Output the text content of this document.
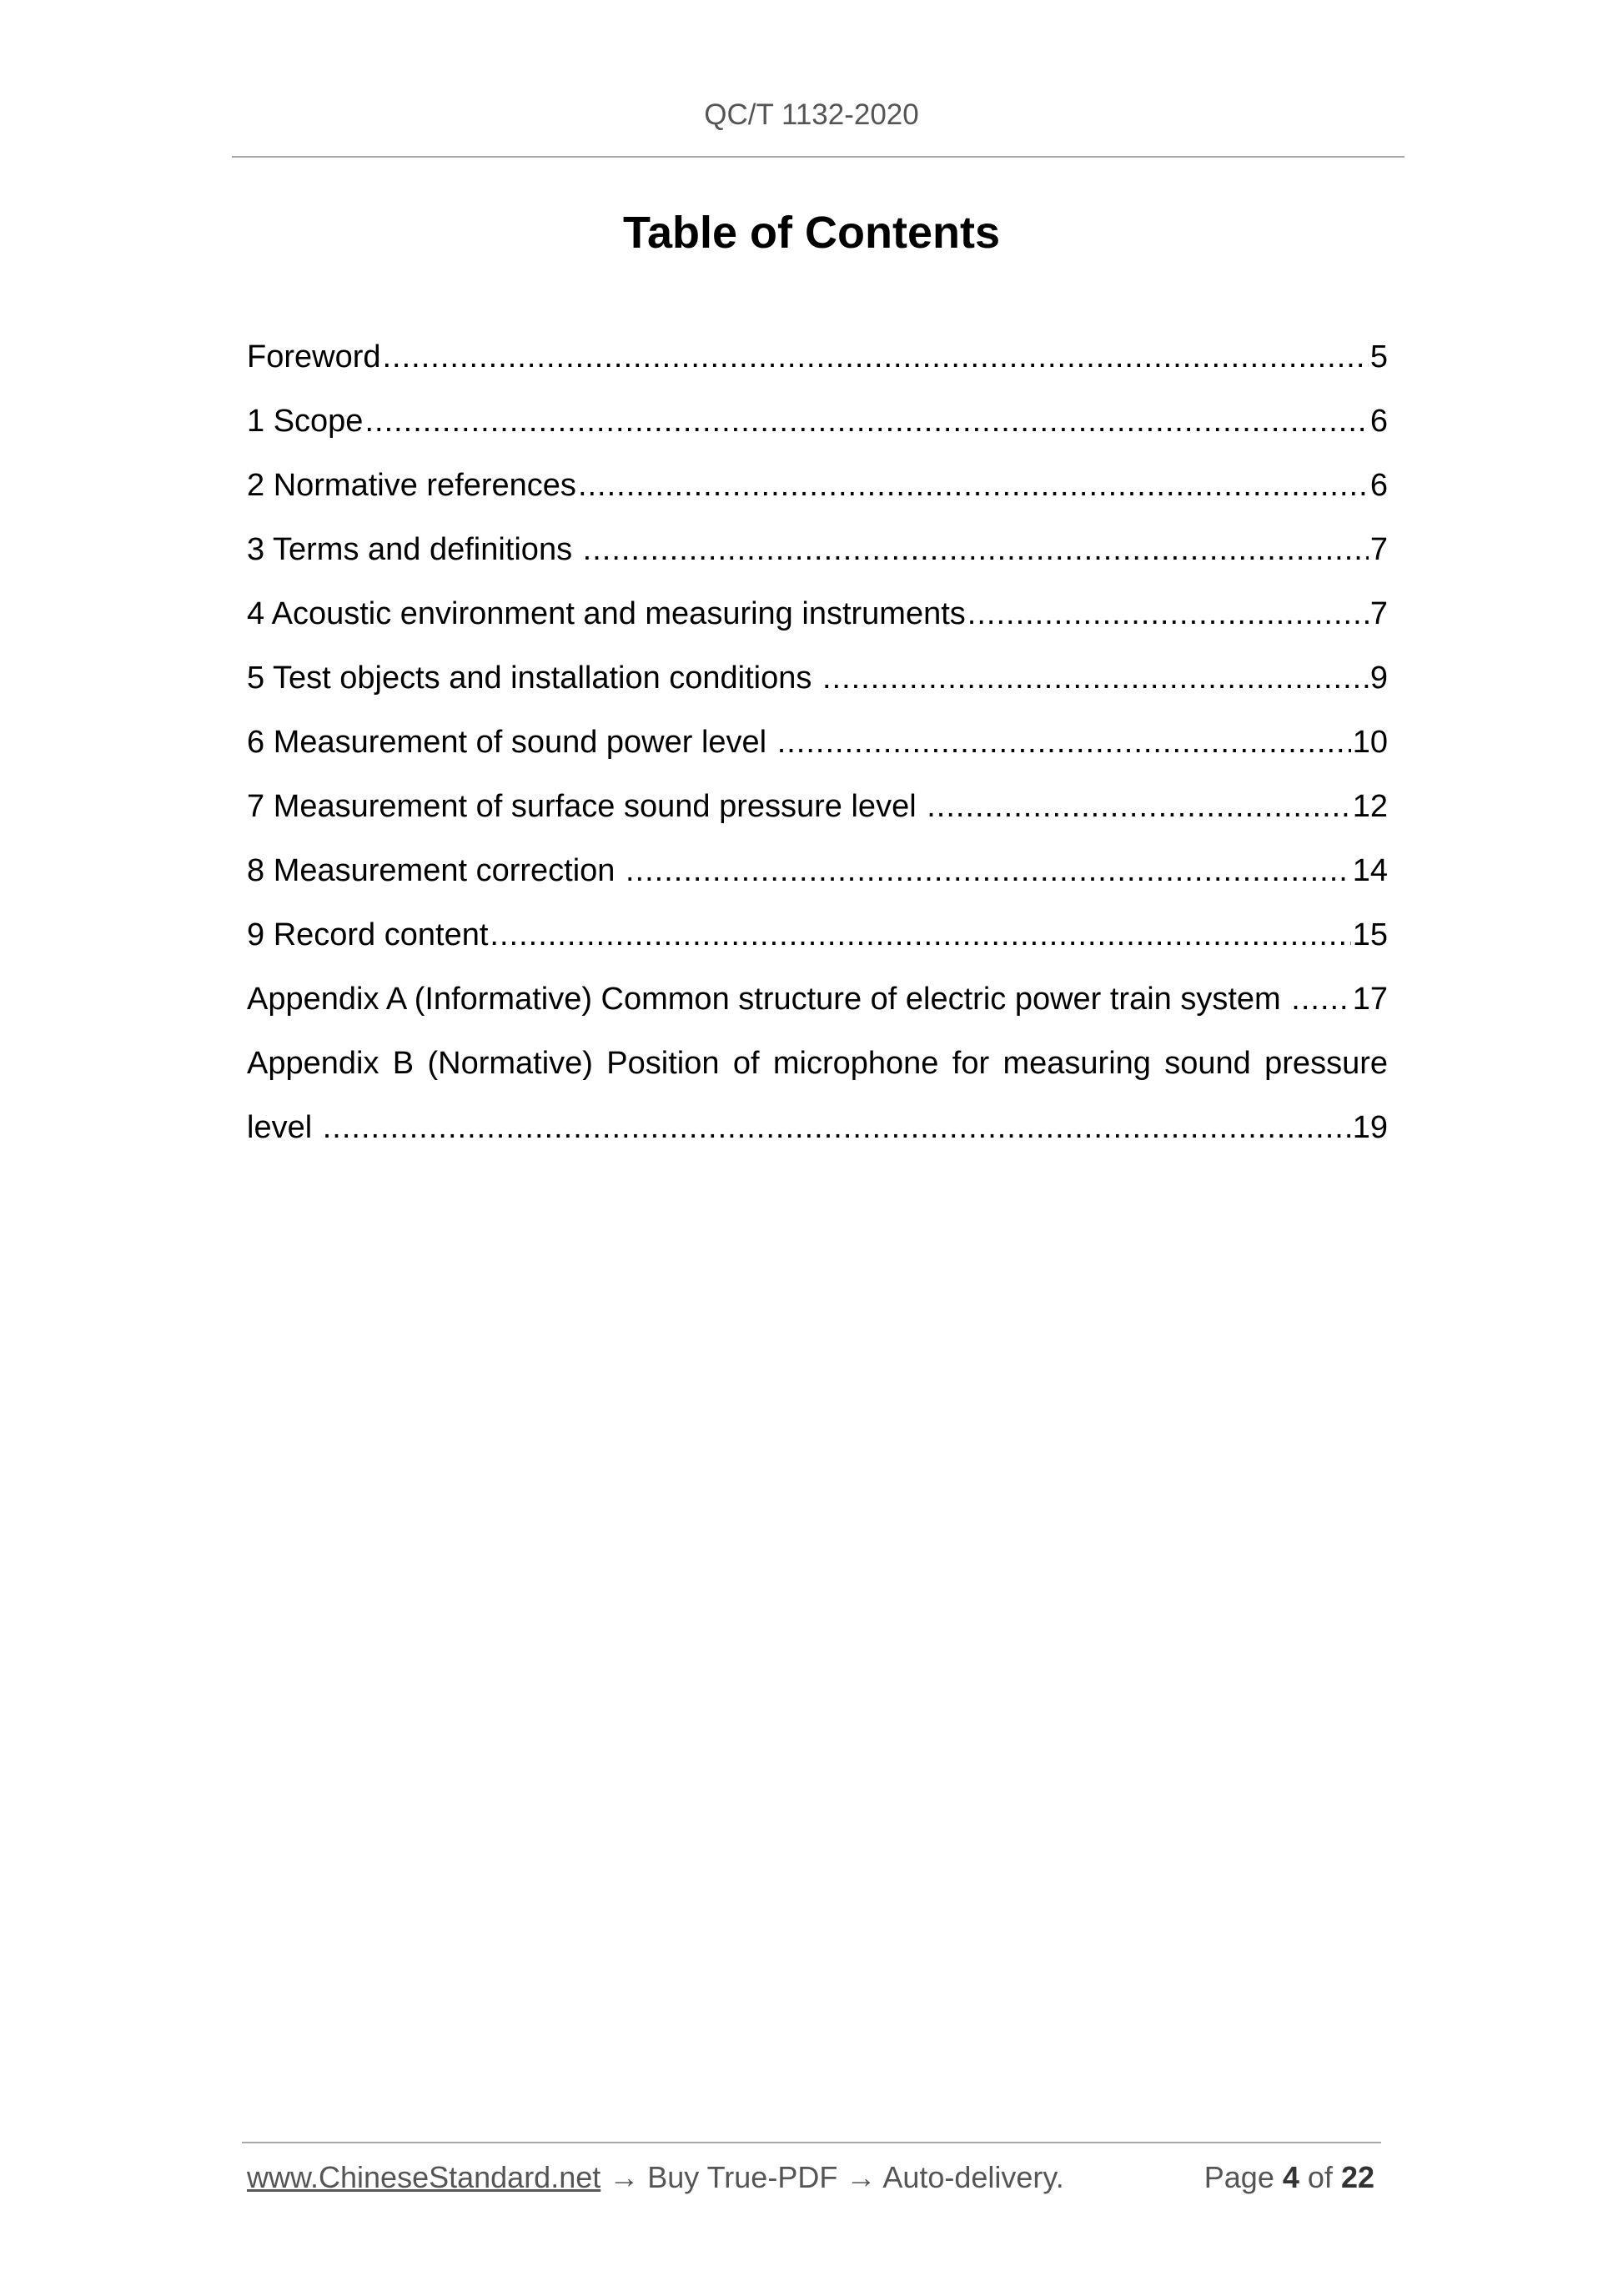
QC/T 1132-2020
Table of Contents
Foreword .....	5
1 Scope .....	6
2 Normative references .....	6
3 Terms and definitions .....	7
4 Acoustic environment and measuring instruments .....	7
5 Test objects and installation conditions .....	9
6 Measurement of sound power level .....	10
7 Measurement of surface sound pressure level .....	12
8 Measurement correction .....	14
9 Record content .....	15
Appendix A (Informative) Common structure of electric power train system ..... 17
Appendix B (Normative) Position of microphone for measuring sound pressure
level .....	19
www.ChineseStandard.net → Buy True-PDF → Auto-delivery.	Page 4 of 22
